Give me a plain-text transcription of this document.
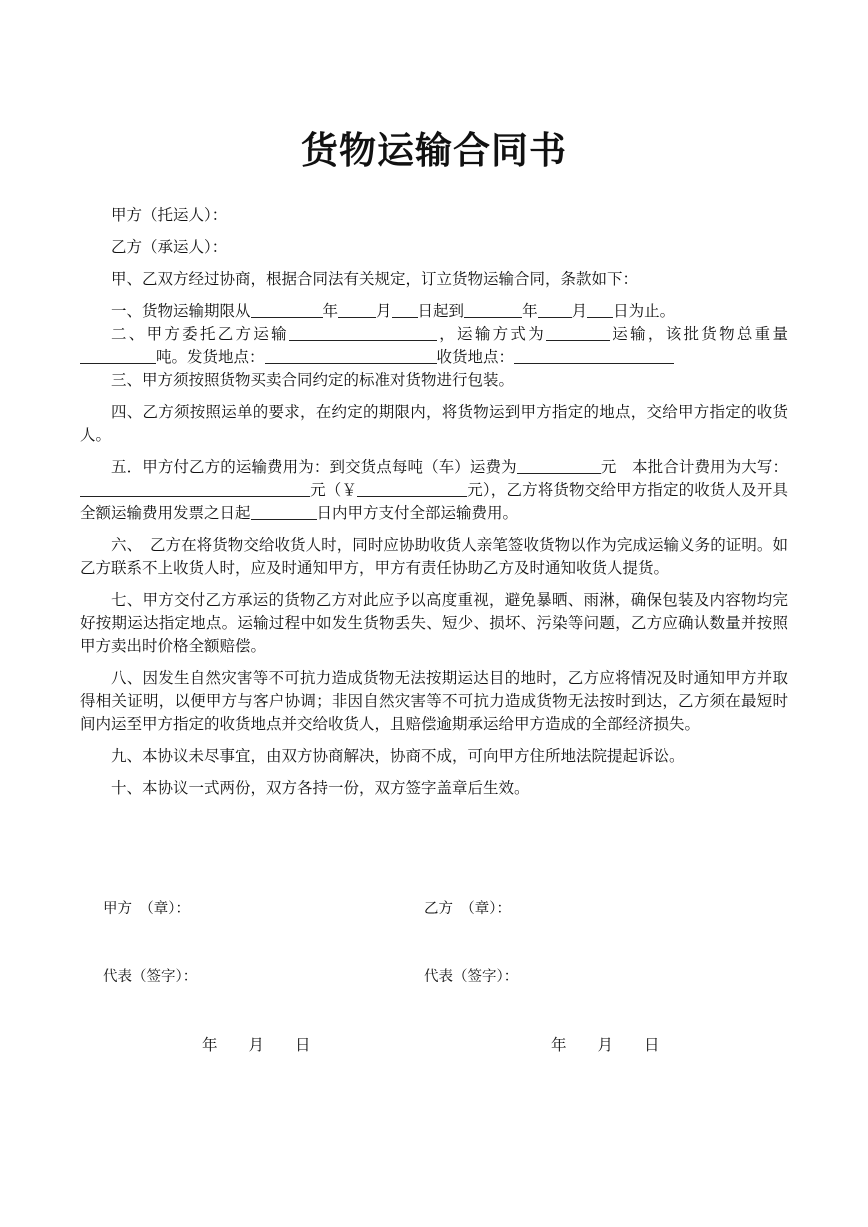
货物运输合同书

甲方（托运人）：

乙方（承运人）：

甲、乙双方经过协商，根据合同法有关规定，订立货物运输合同，条款如下：

一、货物运输期限从	年 月 日起到	年 月 日为止。

二、甲方委托乙方运输	，运输方式为	运输，该批货物总重量吨。发货地点：	收货地点：

三、甲方须按照货物买卖合同约定的标准对货物进行包装。

四、乙方须按照运单的要求，在约定的期限内，将货物运到甲方指定的地点，交给甲方指定的收货人。

五．甲方付乙方的运输费用为：到交货点每吨（车）运费为	元　本批合计费用为大写：元（￥	元），乙方将货物交给甲方指定的收货人及开具全额运输费用发票之日起	日内甲方支付全部运输费用。

六、　乙方在将货物交给收货人时，同时应协助收货人亲笔签收货物以作为完成运输义务的证明。如乙方联系不上收货人时，应及时通知甲方，甲方有责任协助乙方及时通知收货人提货。

七、甲方交付乙方承运的货物乙方对此应予以高度重视，避免暴晒、雨淋，确保包装及内容物均完好按期运达指定地点。运输过程中如发生货物丢失、短少、损坏、污染等问题，乙方应确认数量并按照甲方卖出时价格全额赔偿。

八、因发生自然灾害等不可抗力造成货物无法按期运达目的地时，乙方应将情况及时通知甲方并取得相关证明，以便甲方与客户协调；非因自然灾害等不可抗力造成货物无法按时到达，乙方须在最短时间内运至甲方指定的收货地点并交给收货人，且赔偿逾期承运给甲方造成的全部经济损失。

九、本协议未尽事宜，由双方协商解决，协商不成，可向甲方住所地法院提起诉讼。

十、本协议一式两份，双方各持一份，双方签字盖章后生效。

甲方　（章）：	乙方　（章）：
代表（签字）：	代表（签字）：
年　　月　　日	年　　月　　日
